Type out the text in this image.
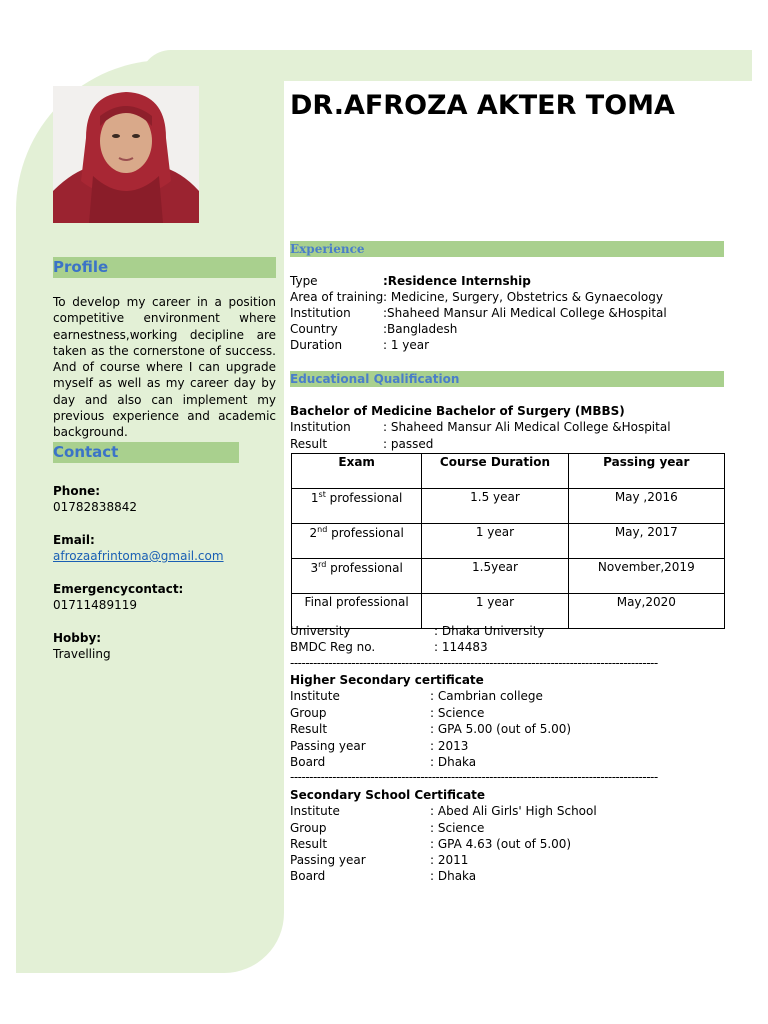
DR.AFROZA AKTER TOMA
Profile
To develop my career in a position competitive environment where earnestness,working decipline are taken as the cornerstone of success. And of course where I can upgrade myself as well as my career day by day and also can implement my previous experience and academic background.
Contact
Phone:
01782838842
Email:
afrozaafrintoma@gmail.com
Emergencycontact:
01711489119
Hobby:
Travelling
Experience
Type	:Residence Internship
Area of training : Medicine, Surgery, Obstetrics & Gynaecology
Institution	:Shaheed Mansur Ali Medical College &Hospital
Country	:Bangladesh
Duration	: 1 year
Educational Qualification
Bachelor of Medicine Bachelor of Surgery (MBBS)
Institution	: Shaheed Mansur Ali Medical College &Hospital
Result	: passed
Exam	Course Duration	Passing year
1st professional	1.5 year	May ,2016
2nd professional	1 year	May, 2017
3rd professional	1.5year	November,2019
Final professional	1 year	May,2020
University	: Dhaka University
BMDC Reg no.	: 114483
------------------------------------------------------------------------------------------------
Higher Secondary certificate
Institute	: Cambrian college
Group	: Science
Result	: GPA 5.00 (out of 5.00)
Passing year	: 2013
Board	: Dhaka
------------------------------------------------------------------------------------------------
Secondary School Certificate
Institute	: Abed Ali Girls' High School
Group	: Science
Result	: GPA 4.63 (out of 5.00)
Passing year	: 2011
Board	: Dhaka
